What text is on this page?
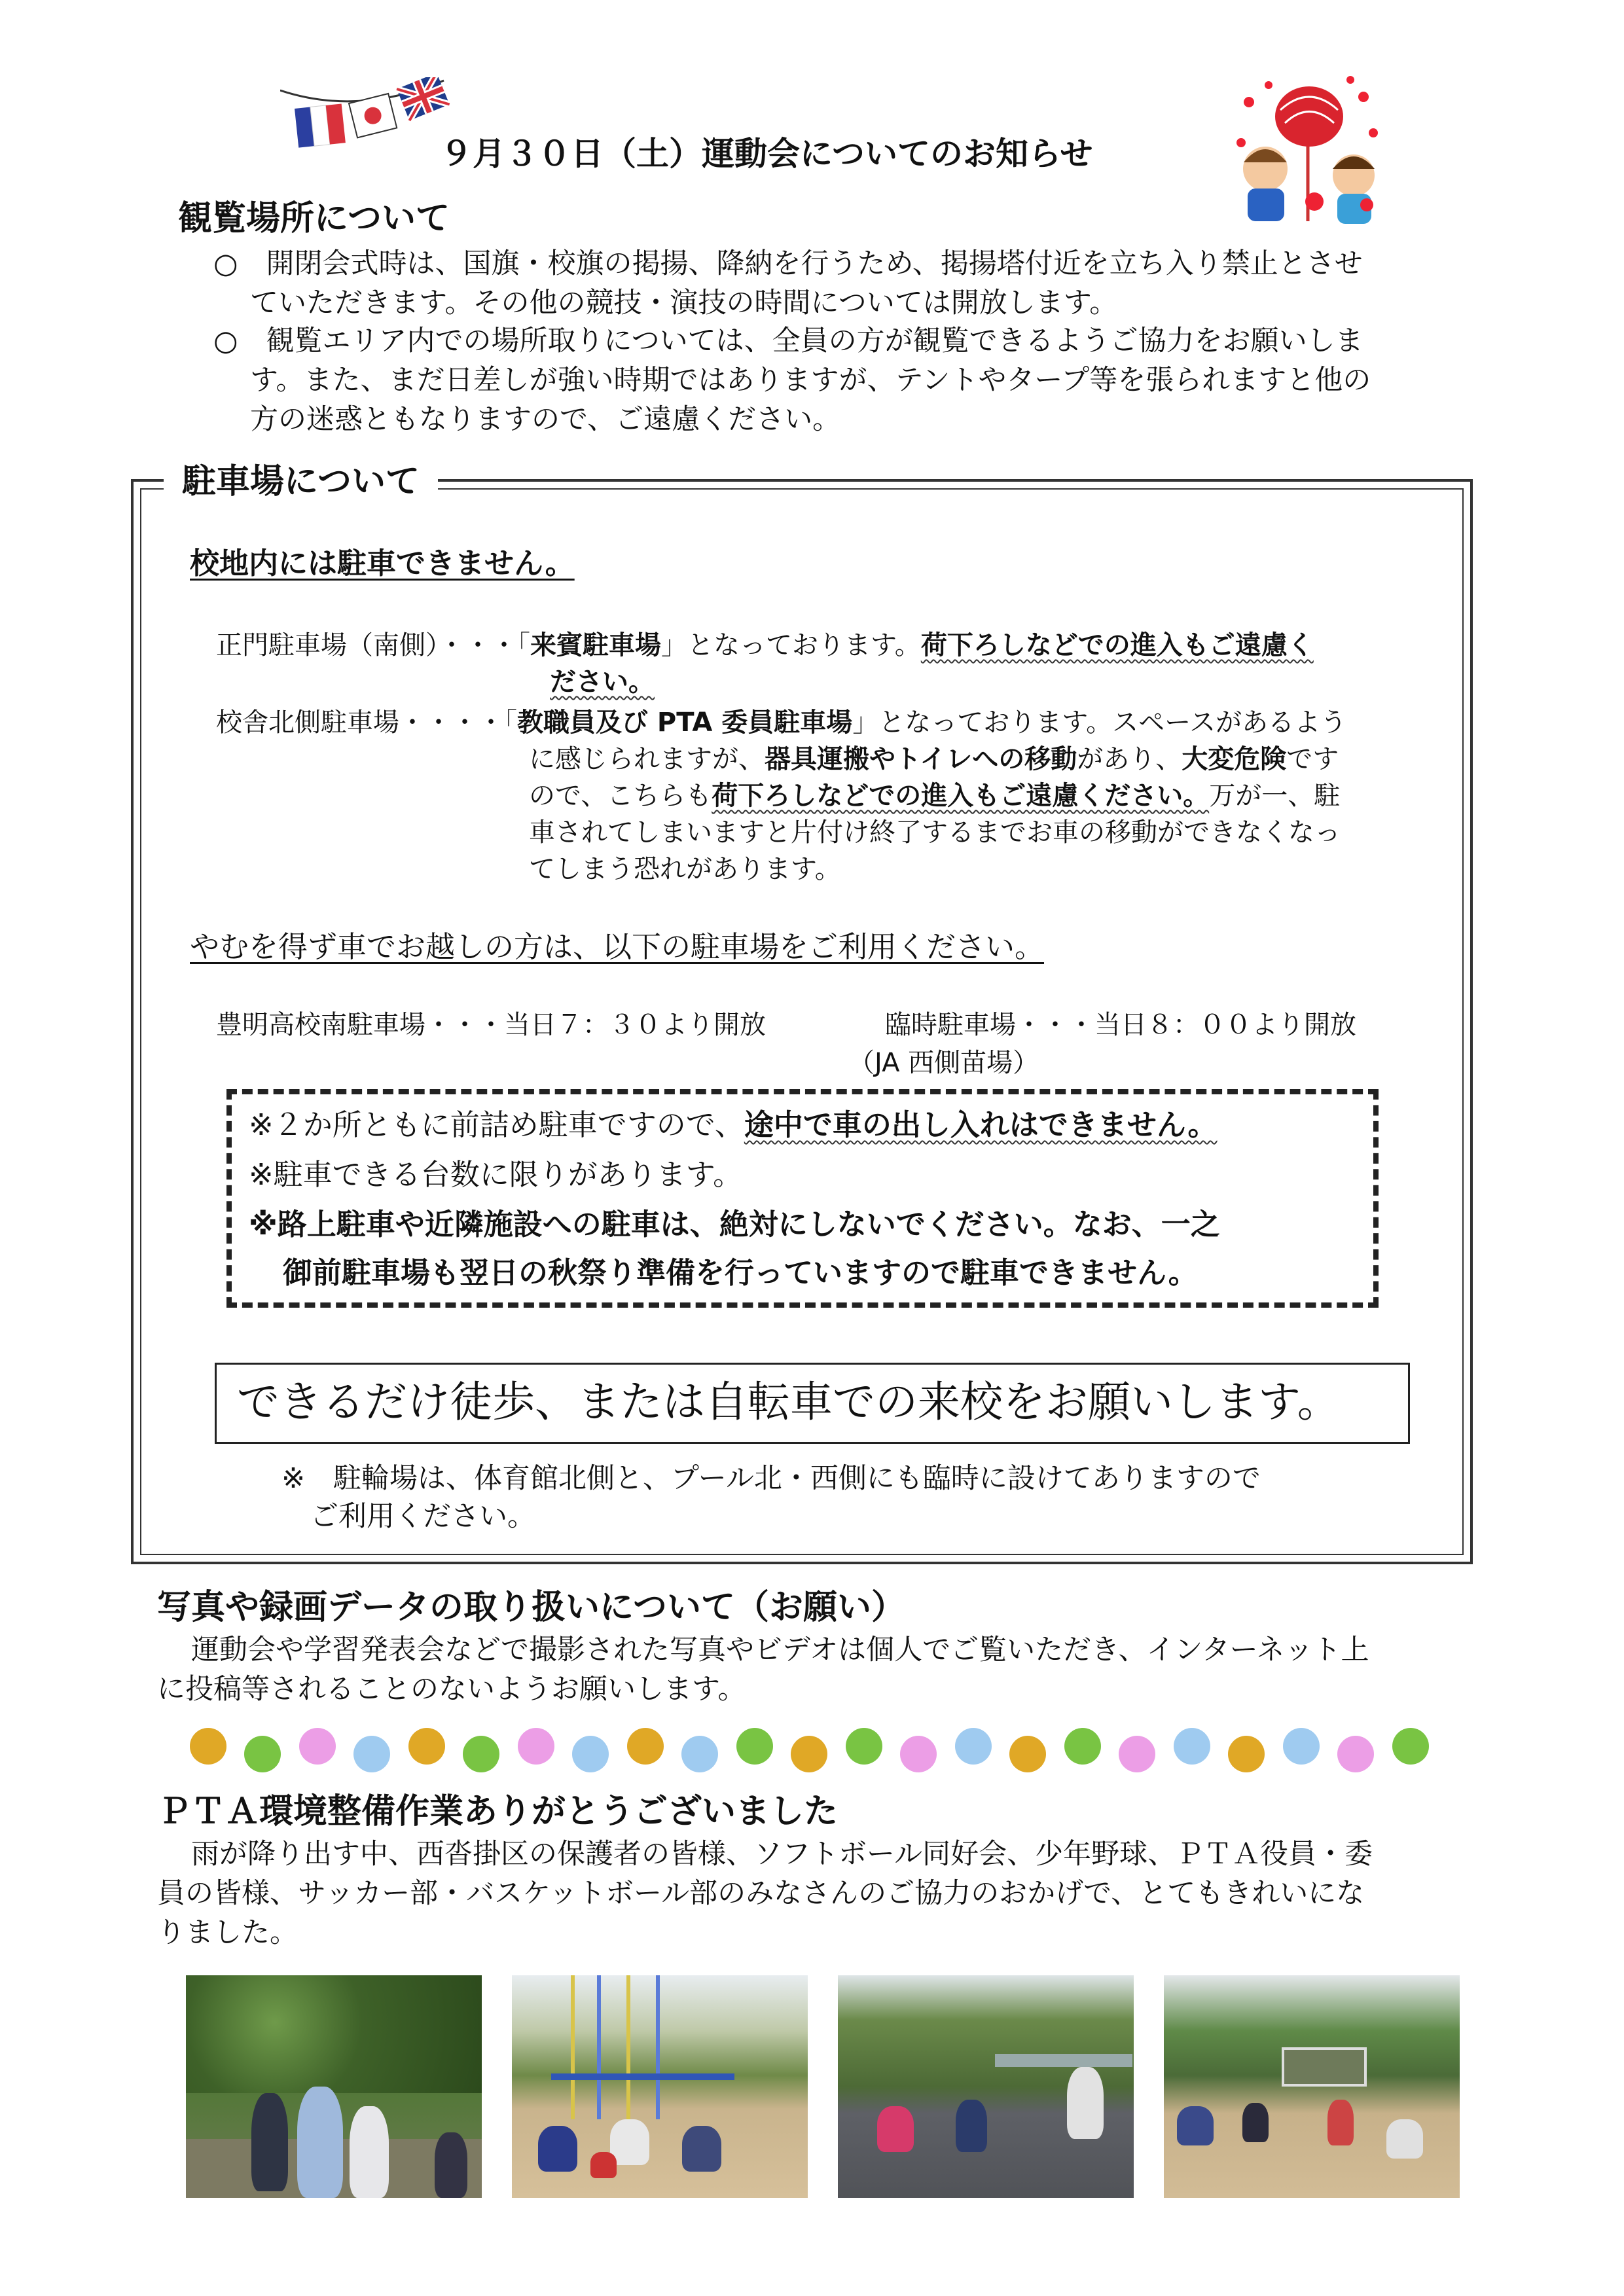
９月３０日（土）運動会についてのお知らせ
観覧場所について
○　開閉会式時は、国旗・校旗の掲揚、降納を行うため、掲揚塔付近を立ち入り禁止とさせ
ていただきます。その他の競技・演技の時間については開放します。
○　観覧エリア内での場所取りについては、全員の方が観覧できるようご協力をお願いしま
す。また、まだ日差しが強い時期ではありますが、テントやタープ等を張られますと他の
方の迷惑ともなりますので、ご遠慮ください。
駐車場について
校地内には駐車できません。
正門駐車場（南側）・・・「来賓駐車場」となっております。荷下ろしなどでの進入もご遠慮く
ださい。
校舎北側駐車場・・・・「教職員及び PTA 委員駐車場」となっております。スペースがあるよう
に感じられますが、器具運搬やトイレへの移動があり、大変危険です
ので、こちらも荷下ろしなどでの進入もご遠慮ください。万が一、駐
車されてしまいますと片付け終了するまでお車の移動ができなくなっ
てしまう恐れがあります。
やむを得ず車でお越しの方は、以下の駐車場をご利用ください。
豊明高校南駐車場・・・当日７：３０より開放	臨時駐車場・・・当日８：００より開放
（JA 西側苗場）
※２か所ともに前詰め駐車ですので、途中で車の出し入れはできません。
※駐車できる台数に限りがあります。
※路上駐車や近隣施設への駐車は、絶対にしないでください。なお、一之
御前駐車場も翌日の秋祭り準備を行っていますので駐車できません。
できるだけ徒歩、または自転車での来校をお願いします。
※　駐輪場は、体育館北側と、プール北・西側にも臨時に設けてありますので
ご利用ください。
写真や録画データの取り扱いについて（お願い）
運動会や学習発表会などで撮影された写真やビデオは個人でご覧いただき、インターネット上
に投稿等されることのないようお願いします。
ＰＴＡ環境整備作業ありがとうございました
雨が降り出す中、西沓掛区の保護者の皆様、ソフトボール同好会、少年野球、ＰＴＡ役員・委
員の皆様、サッカー部・バスケットボール部のみなさんのご協力のおかげで、とてもきれいにな
りました。
